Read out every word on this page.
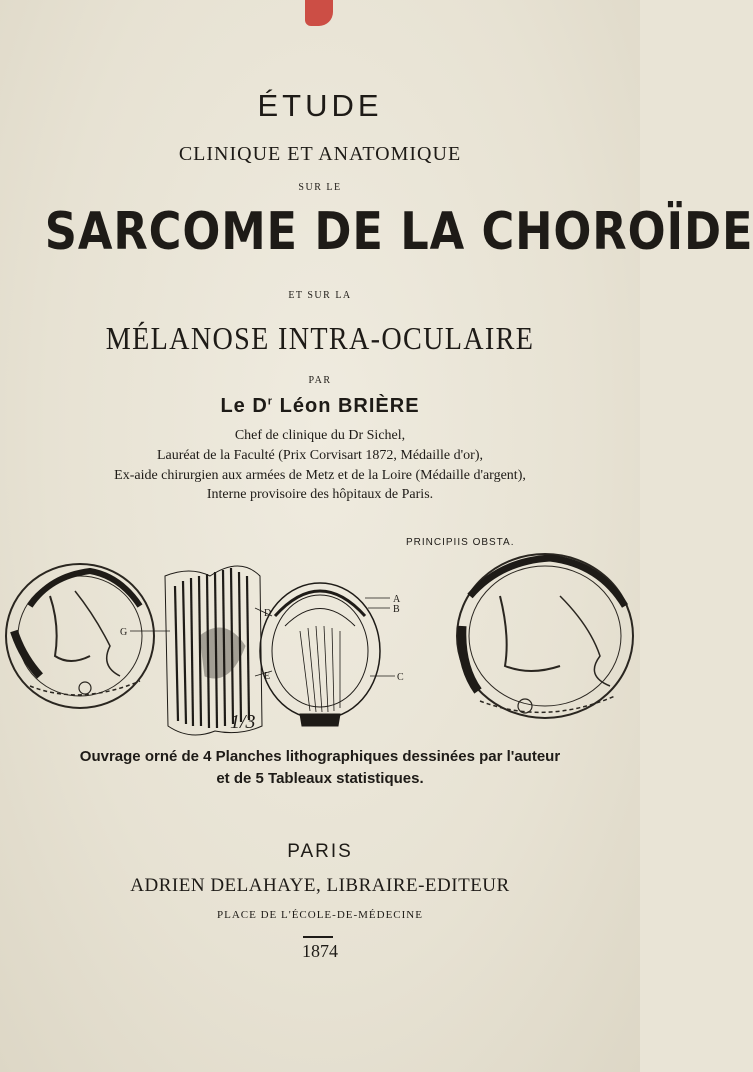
ÉTUDE
CLINIQUE ET ANATOMIQUE
SUR LE
SARCOME DE LA CHOROÏDE
ET SUR LA
MÉLANOSE INTRA-OCULAIRE
PAR
Le $D^r$ Léon BRIÈRE
Chef de clinique du Dr Sichel,
Lauréat de la Faculté (Prix Corvisart 1872, Médaille d'or),
Ex-aide chirurgien aux armées de Metz et de la Loire (Médaille d'argent),
Interne provisoire des hôpitaux de Paris.
PRINCIPIIS OBSTA.
A
B
C
D
E
G
1/3
Ouvrage orné de 4 Planches lithographiques dessinées par l'auteur
et de 5 Tableaux statistiques.
PARIS
ADRIEN DELAHAYE, LIBRAIRE-EDITEUR
PLACE DE L'ÉCOLE-DE-MÉDECINE
1874
